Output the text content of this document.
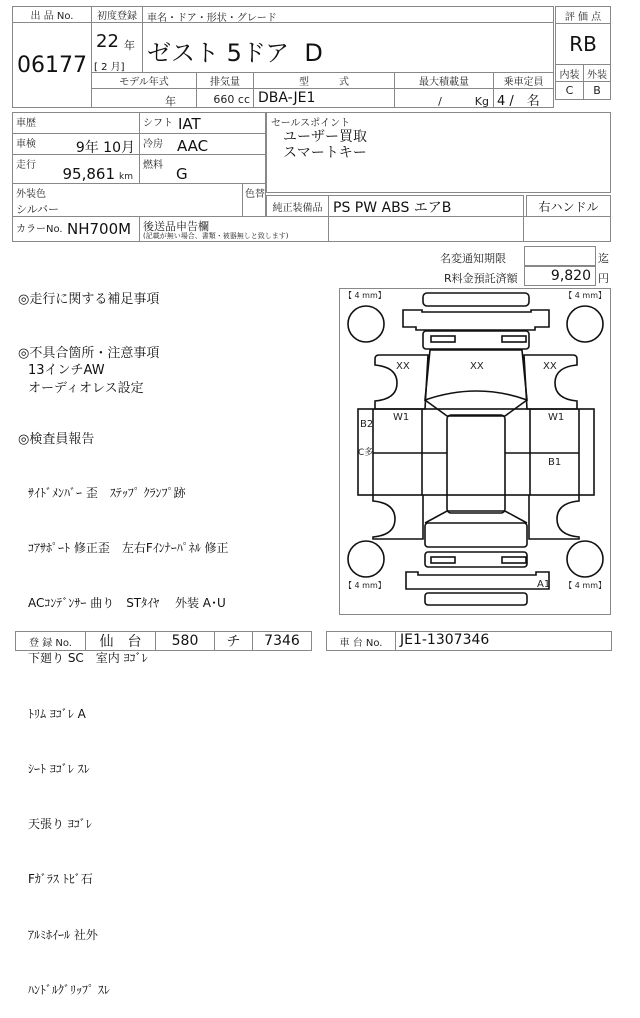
出 品 No.
06177
初度登録
22 年
[ 2 月]
車名・ドア・形状・グレード
ゼスト 5ドア  D
モデル年式
年
排気量
660 cc
型　　　式
DBA-JE1
最大積載量
/　　　Kg
乗車定員
4 /　名
評 価 点
RB
内装 外装
C	B
車歴
車検	9年 10月
走行 95,861 km
シフト IAT
冷房 AAC
燃料 G
外装色
シルバー
色替
カラーNo. NH700M 後送品申告欄
(記載が無い場合、書類・被器無しと致します)
セールスポイント
ユーザー買取
スマートキー
純正装備品 PS PW ABS エアB	右ハンドル
名変通知期限	迄
R料金預託済額	9,820 円
◎走行に関する補足事項
◎不具合箇所・注意事項
13インチAW
オーディオレス設定
◎検査員報告

ｻｲﾄﾞﾒﾝﾊﾞｰ 歪　ｽﾃｯﾌﾟ ｸﾗﾝﾌﾟ跡

ｺｱｻﾎﾟｰﾄ 修正歪　左右Fｲﾝﾅｰﾊﾟﾈﾙ 修正

ACｺﾝﾃﾞﾝｻｰ 曲り　STﾀｲﾔ　 外装 A･U

下廻り SC　室内 ﾖｺﾞﾚ

ﾄﾘﾑ ﾖｺﾞﾚ A

ｼｰﾄ ﾖｺﾞﾚ ｽﾚ

天張り ﾖｺﾞﾚ

Fｶﾞﾗｽ ﾄﾋﾞ石

ｱﾙﾐﾎｲｰﾙ 社外

ﾊﾝﾄﾞﾙｸﾞﾘｯﾌﾟ ｽﾚ

【 4 mm】	【 4 mm】
【 4 mm】	【 4 mm】
XX	XX	XX
W1	W1
B2
C多
B1
A1
登 録 No.	仙　台	580	チ	7346	車 台 No.	JE1-1307346
